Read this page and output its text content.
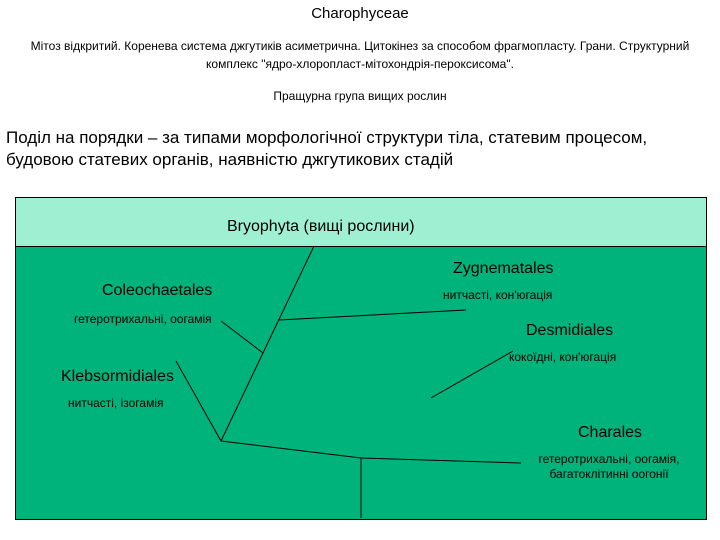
Charophyceae
Мітоз відкритий. Коренева система джгутиків асиметрична. Цитокінез за способом фрагмопласту. Грани. Структурний комплекс "ядро-хлоропласт-мітохондрія-пероксисома".
Пращурна група вищих рослин
Поділ на порядки – за типами морфологічної структури тіла, статевим процесом, будовою статевих органів, наявністю джгутикових стадій
Bryophyta (вищі рослини)
Coleochaetales
гетеротрихальні, оогамія
Klebsormidiales
нитчасті, ізогамія
Zygnematales
нитчасті, кон'югація
Desmidiales
кокоїдні, кон'югація
Charales
гетеротрихальні, оогамія, багатоклітинні оогонії
